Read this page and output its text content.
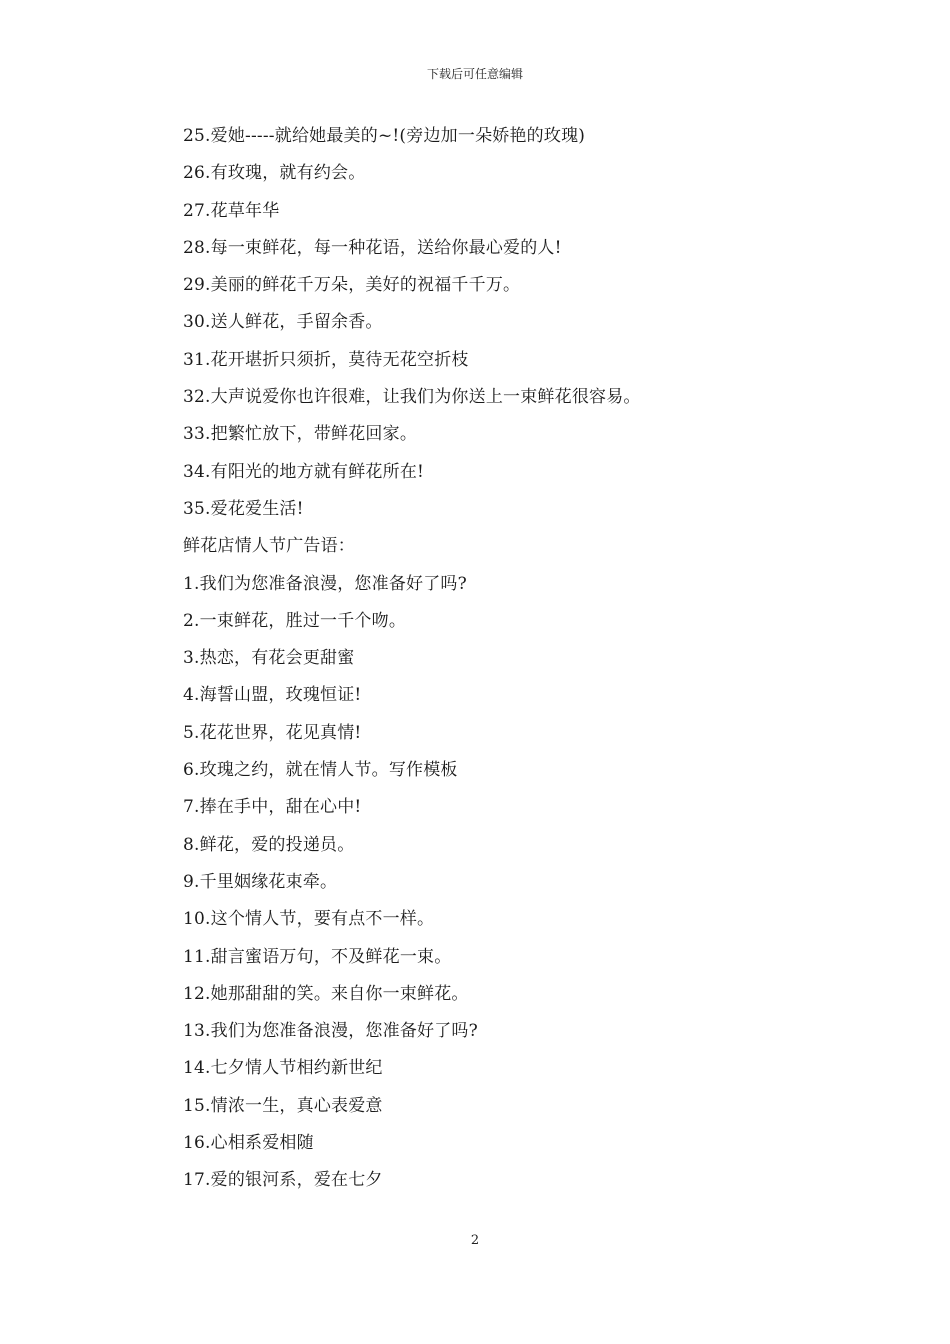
下载后可任意编辑
25.爱她-----就给她最美的~!(旁边加一朵娇艳的玫瑰)
26.有玫瑰，就有约会。
27.花草年华
28.每一束鲜花，每一种花语，送给你最心爱的人!
29.美丽的鲜花千万朵，美好的祝福千千万。
30.送人鲜花，手留余香。
31.花开堪折只须折，莫待无花空折枝
32.大声说爱你也许很难，让我们为你送上一束鲜花很容易。
33.把繁忙放下，带鲜花回家。
34.有阳光的地方就有鲜花所在!
35.爱花爱生活!
鲜花店情人节广告语：
1.我们为您准备浪漫，您准备好了吗?
2.一束鲜花，胜过一千个吻。
3.热恋，有花会更甜蜜
4.海誓山盟，玫瑰恒证!
5.花花世界，花见真情!
6.玫瑰之约，就在情人节。写作模板
7.捧在手中，甜在心中!
8.鲜花，爱的投递员。
9.千里姻缘花束牵。
10.这个情人节，要有点不一样。
11.甜言蜜语万句，不及鲜花一束。
12.她那甜甜的笑。来自你一束鲜花。
13.我们为您准备浪漫，您准备好了吗?
14.七夕情人节相约新世纪
15.情浓一生，真心表爱意
16.心相系爱相随
17.爱的银河系，爱在七夕
2
